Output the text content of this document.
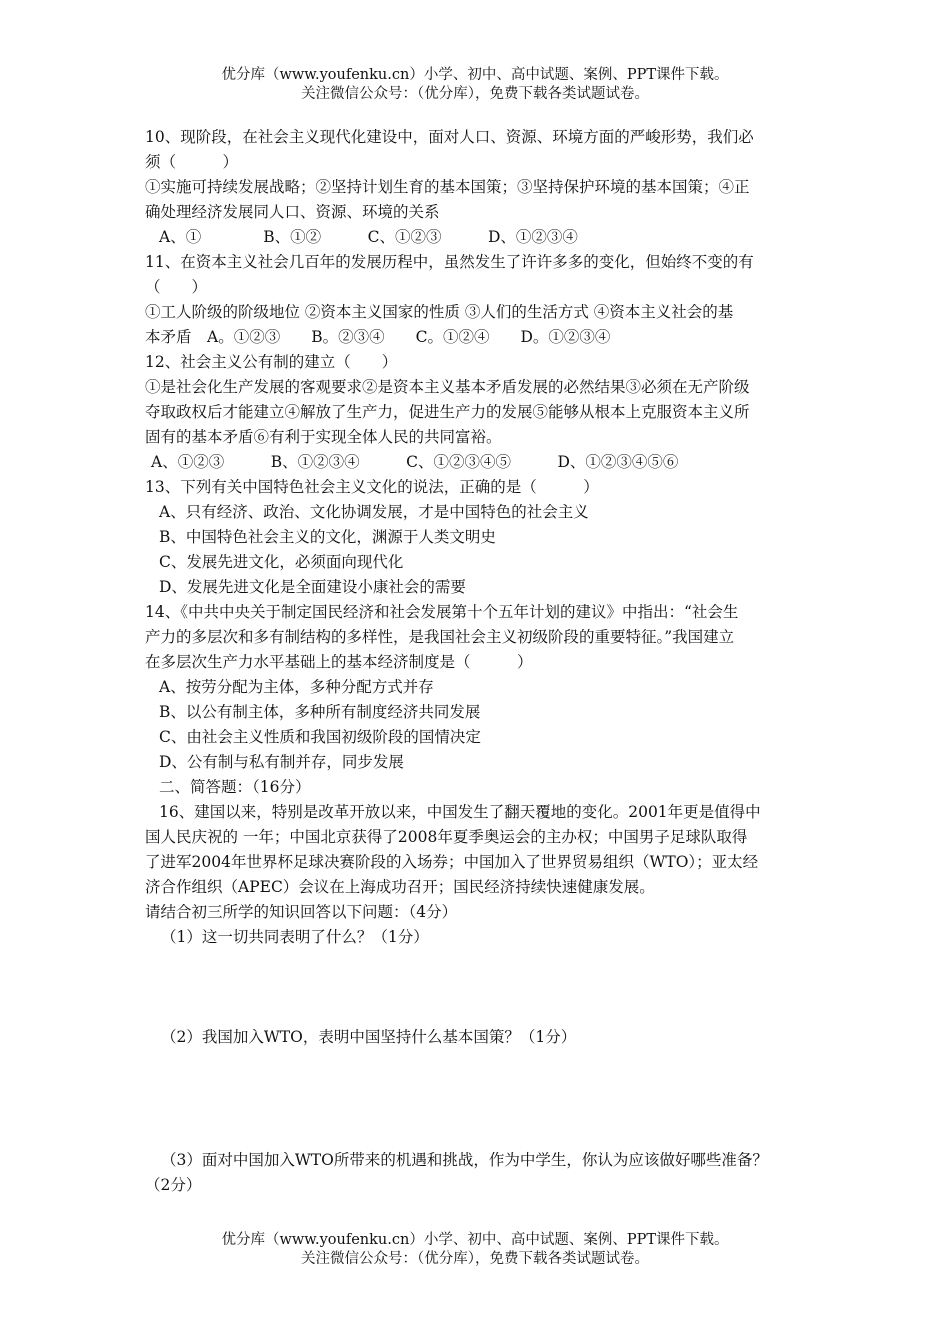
优分库（www.youfenku.cn）小学、初中、高中试题、案例、PPT课件下载。
关注微信公众号：（优分库），免费下载各类试题试卷。

10、现阶段，在社会主义现代化建设中，面对人口、资源、环境方面的严峻形势，我们必

须（　　　）

①实施可持续发展战略；②坚持计划生育的基本国策；③坚持保护环境的基本国策；④正

确处理经济发展同人口、资源、环境的关系

A、①　　　　B、①②　　　C、①②③　　　D、①②③④

11、在资本主义社会几百年的发展历程中，虽然发生了许许多多的变化，但始终不变的有

（　　）

①工人阶级的阶级地位 ②资本主义国家的性质 ③人们的生活方式 ④资本主义社会的基

本矛盾　A。①②③　　B。②③④　　C。①②④　　D。①②③④

12、社会主义公有制的建立（　　）

①是社会化生产发展的客观要求②是资本主义基本矛盾发展的必然结果③必须在无产阶级

夺取政权后才能建立④解放了生产力，促进生产力的发展⑤能够从根本上克服资本主义所

固有的基本矛盾⑥有利于实现全体人民的共同富裕。

A、①②③　　　B、①②③④　　　C、①②③④⑤　　　D、①②③④⑤⑥

13、下列有关中国特色社会主义文化的说法，正确的是（　　　）

A、只有经济、政治、文化协调发展，才是中国特色的社会主义

B、中国特色社会主义的文化，渊源于人类文明史

C、发展先进文化，必须面向现代化

D、发展先进文化是全面建设小康社会的需要

14、《中共中央关于制定国民经济和社会发展第十个五年计划的建议》中指出：“社会生

产力的多层次和多有制结构的多样性，是我国社会主义初级阶段的重要特征。”我国建立

在多层次生产力水平基础上的基本经济制度是（　　　）

A、按劳分配为主体，多种分配方式并存

B、以公有制主体，多种所有制度经济共同发展

C、由社会主义性质和我国初级阶段的国情决定

D、公有制与私有制并存，同步发展

二、简答题：（16分）

16、建国以来，特别是改革开放以来，中国发生了翻天覆地的变化。2001年更是值得中

国人民庆祝的 一年；中国北京获得了2008年夏季奥运会的主办权；中国男子足球队取得

了进军2004年世界杯足球决赛阶段的入场券；中国加入了世界贸易组织（WTO）；亚太经

济合作组织（APEC）会议在上海成功召开；国民经济持续快速健康发展。

请结合初三所学的知识回答以下问题：（4分）

（1）这一切共同表明了什么？（1分）

（2）我国加入WTO，表明中国坚持什么基本国策？（1分）

（3）面对中国加入WTO所带来的机遇和挑战，作为中学生，你认为应该做好哪些准备？

（2分）

优分库（www.youfenku.cn）小学、初中、高中试题、案例、PPT课件下载。
关注微信公众号：（优分库），免费下载各类试题试卷。
